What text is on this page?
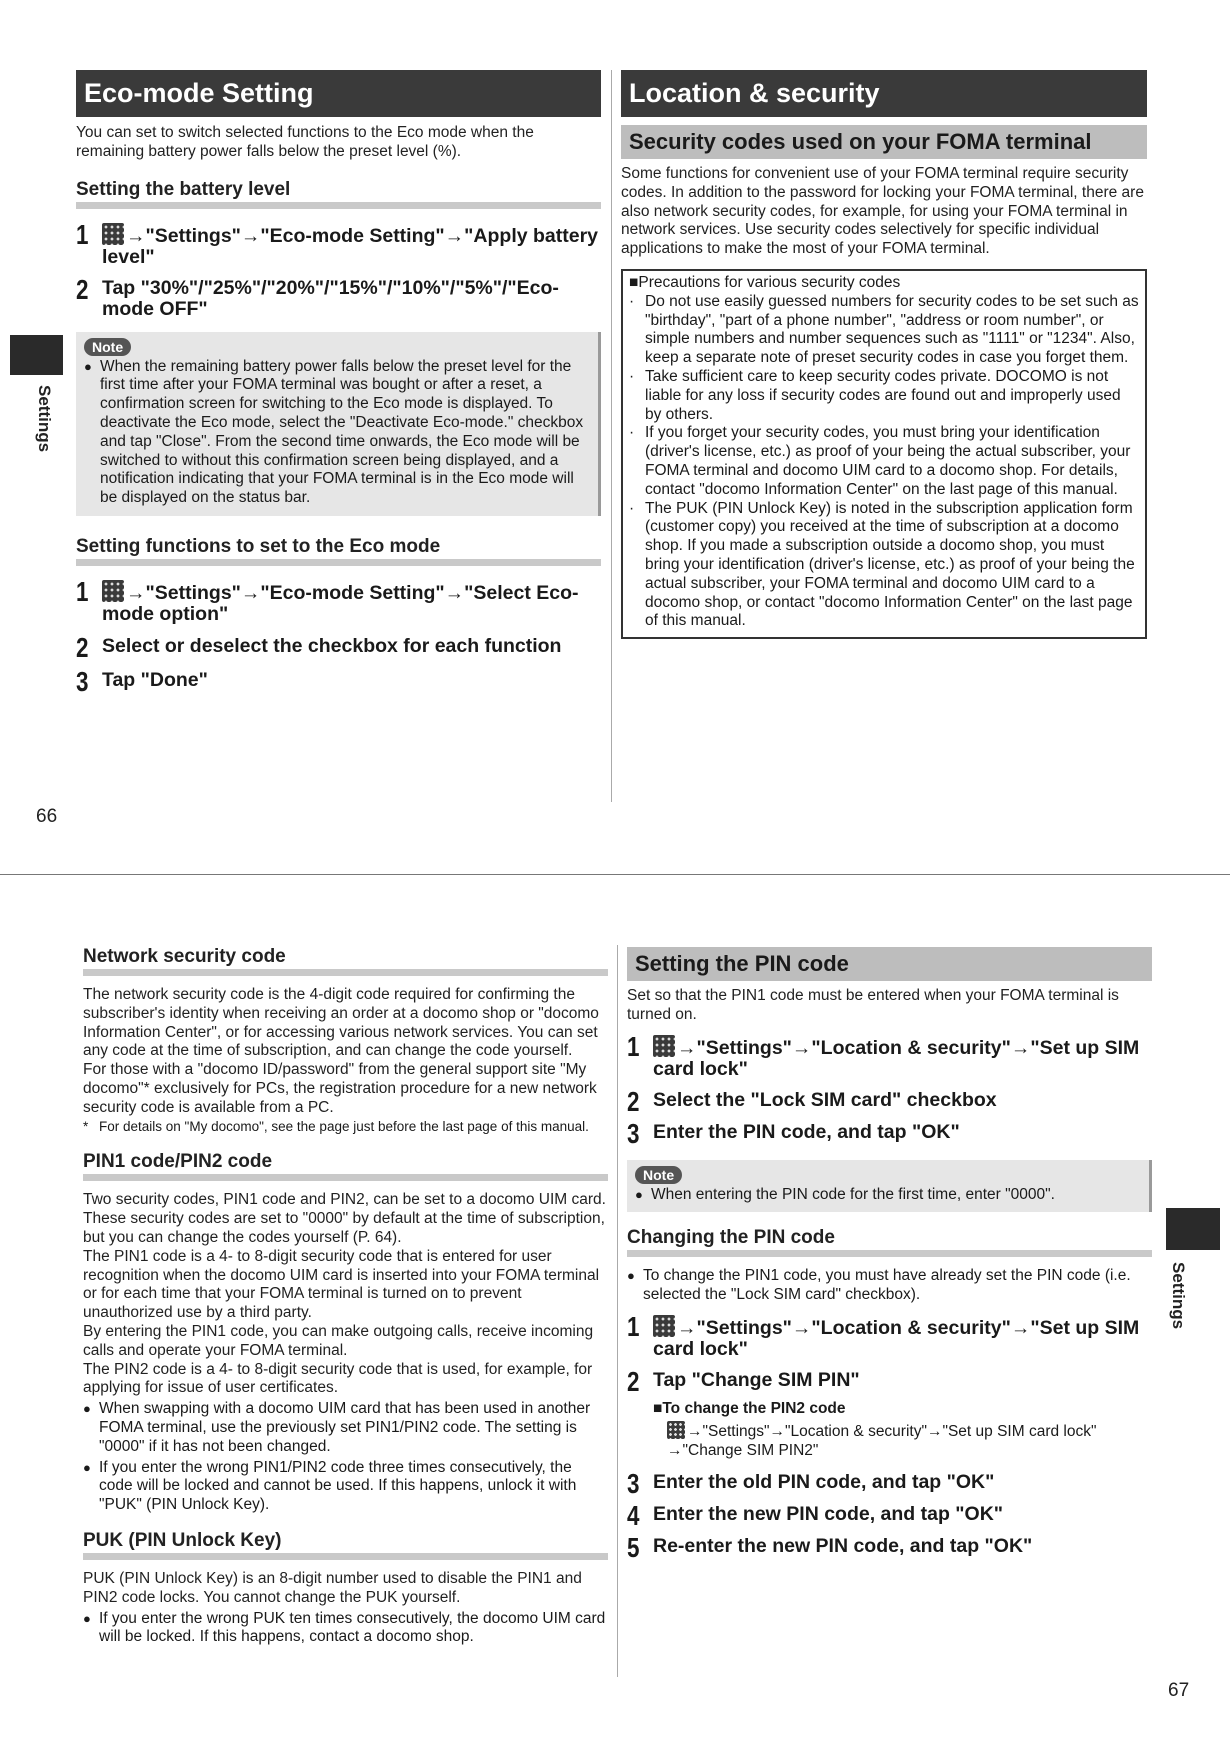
Eco-mode Setting

You can set to switch selected functions to the Eco mode when the remaining battery power falls below the preset level (%).

Setting the battery level
1	→"Settings"→"Eco-mode Setting"→"Apply battery level"
2 Tap "30%"/"25%"/"20%"/"15%"/"10%"/"5%"/"Eco-mode OFF"
Note
● When the remaining battery power falls below the preset level for the first time after your FOMA terminal was bought or after a reset, a confirmation screen for switching to the Eco mode is displayed. To deactivate the Eco mode, select the "Deactivate Eco-mode." checkbox and tap "Close". From the second time onwards, the Eco mode will be switched to without this confirmation screen being displayed, and a notification indicating that your FOMA terminal is in the Eco mode will be displayed on the status bar.
Setting functions to set to the Eco mode
1	→"Settings"→"Eco-mode Setting"→"Select Eco-mode option"
2 Select or deselect the checkbox for each function
3 Tap "Done"
Location & security
Security codes used on your FOMA terminal

Some functions for convenient use of your FOMA terminal require security codes. In addition to the password for locking your FOMA terminal, there are also network security codes, for example, for using your FOMA terminal in network services. Use security codes selectively for specific individual applications to make the most of your FOMA terminal.

■Precautions for various security codes
· Do not use easily guessed numbers for security codes to be set such as "birthday", "part of a phone number", "address or room number", or simple numbers and number sequences such as "1111" or "1234". Also, keep a separate note of preset security codes in case you forget them.
· Take sufficient care to keep security codes private. DOCOMO is not liable for any loss if security codes are found out and improperly used by others.
· If you forget your security codes, you must bring your identification (driver's license, etc.) as proof of your being the actual subscriber, your FOMA terminal and docomo UIM card to a docomo shop. For details, contact "docomo Information Center" on the last page of this manual.
· The PUK (PIN Unlock Key) is noted in the subscription application form (customer copy) you received at the time of subscription at a docomo shop. If you made a subscription outside a docomo shop, you must bring your identification (driver's license, etc.) as proof of your being the actual subscriber, your FOMA terminal and docomo UIM card to a docomo shop, or contact "docomo Information Center" on the last page of this manual.
Settings
66
Network security code

The network security code is the 4-digit code required for confirming the subscriber's identity when receiving an order at a docomo shop or "docomo Information Center", or for accessing various network services. You can set any code at the time of subscription, and can change the code yourself.
For those with a "docomo ID/password" from the general support site "My docomo"* exclusively for PCs, the registration procedure for a new network security code is available from a PC.

* For details on "My docomo", see the page just before the last page of this manual.
PIN1 code/PIN2 code

Two security codes, PIN1 code and PIN2, can be set to a docomo UIM card. These security codes are set to "0000" by default at the time of subscription, but you can change the codes yourself (P. 64).
The PIN1 code is a 4- to 8-digit security code that is entered for user recognition when the docomo UIM card is inserted into your FOMA terminal or for each time that your FOMA terminal is turned on to prevent unauthorized use by a third party.
By entering the PIN1 code, you can make outgoing calls, receive incoming calls and operate your FOMA terminal.
The PIN2 code is a 4- to 8-digit security code that is used, for example, for applying for issue of user certificates.

● When swapping with a docomo UIM card that has been used in another FOMA terminal, use the previously set PIN1/PIN2 code. The setting is "0000" if it has not been changed.
● If you enter the wrong PIN1/PIN2 code three times consecutively, the code will be locked and cannot be used. If this happens, unlock it with "PUK" (PIN Unlock Key).
PUK (PIN Unlock Key)

PUK (PIN Unlock Key) is an 8-digit number used to disable the PIN1 and PIN2 code locks. You cannot change the PUK yourself.

● If you enter the wrong PUK ten times consecutively, the docomo UIM card will be locked. If this happens, contact a docomo shop.
Setting the PIN code

Set so that the PIN1 code must be entered when your FOMA terminal is turned on.

1	→"Settings"→"Location & security"→"Set up SIM card lock"
2 Select the "Lock SIM card" checkbox
3 Enter the PIN code, and tap "OK"
Note
● When entering the PIN code for the first time, enter "0000".
Changing the PIN code
● To change the PIN1 code, you must have already set the PIN code (i.e. selected the "Lock SIM card" checkbox).
1	→"Settings"→"Location & security"→"Set up SIM card lock"
2 Tap "Change SIM PIN"
■To change the PIN2 code
→"Settings"→"Location & security"→"Set up SIM card lock"
→"Change SIM PIN2"
3 Enter the old PIN code, and tap "OK"
4 Enter the new PIN code, and tap "OK"
5 Re-enter the new PIN code, and tap "OK"
Settings
67
